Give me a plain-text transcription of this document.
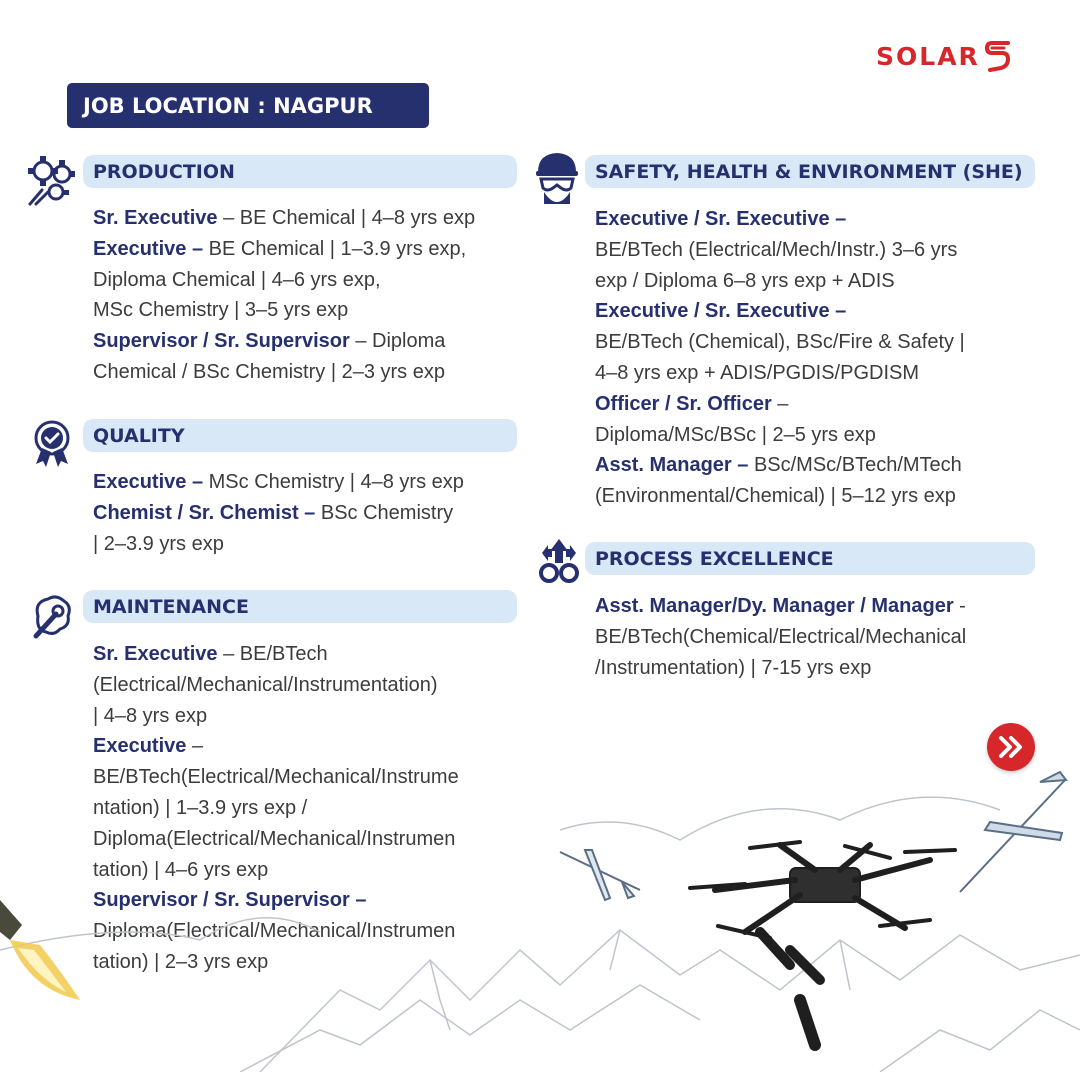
SOLAR
JOB LOCATION : NAGPUR
PRODUCTION

Sr. Executive – BE Chemical | 4–8 yrs exp

Executive – BE Chemical | 1–3.9 yrs exp,

Diploma Chemical | 4–6 yrs exp,

MSc Chemistry | 3–5 yrs exp

Supervisor / Sr. Supervisor – Diploma

Chemical / BSc Chemistry | 2–3 yrs exp

QUALITY

Executive – MSc Chemistry | 4–8 yrs exp

Chemist / Sr. Chemist – BSc Chemistry

| 2–3.9 yrs exp

MAINTENANCE

Sr. Executive – BE/BTech

(Electrical/Mechanical/Instrumentation)

| 4–8 yrs exp

Executive –

BE/BTech(Electrical/Mechanical/Instrume

ntation) | 1–3.9 yrs exp /

Diploma(Electrical/Mechanical/Instrumen

tation) | 4–6 yrs exp

Supervisor / Sr. Supervisor –

Diploma(Electrical/Mechanical/Instrumen

tation) | 2–3 yrs exp

SAFETY, HEALTH & ENVIRONMENT (SHE)

Executive / Sr. Executive –

BE/BTech (Electrical/Mech/Instr.) 3–6 yrs

exp / Diploma 6–8 yrs exp + ADIS

Executive / Sr. Executive –

BE/BTech (Chemical), BSc/Fire & Safety |

4–8 yrs exp + ADIS/PGDIS/PGDISM

Officer / Sr. Officer –

Diploma/MSc/BSc | 2–5 yrs exp

Asst. Manager – BSc/MSc/BTech/MTech

(Environmental/Chemical) | 5–12 yrs exp

PROCESS EXCELLENCE

Asst. Manager/Dy. Manager / Manager -

BE/BTech(Chemical/Electrical/Mechanical

/Instrumentation) | 7-15 yrs exp
